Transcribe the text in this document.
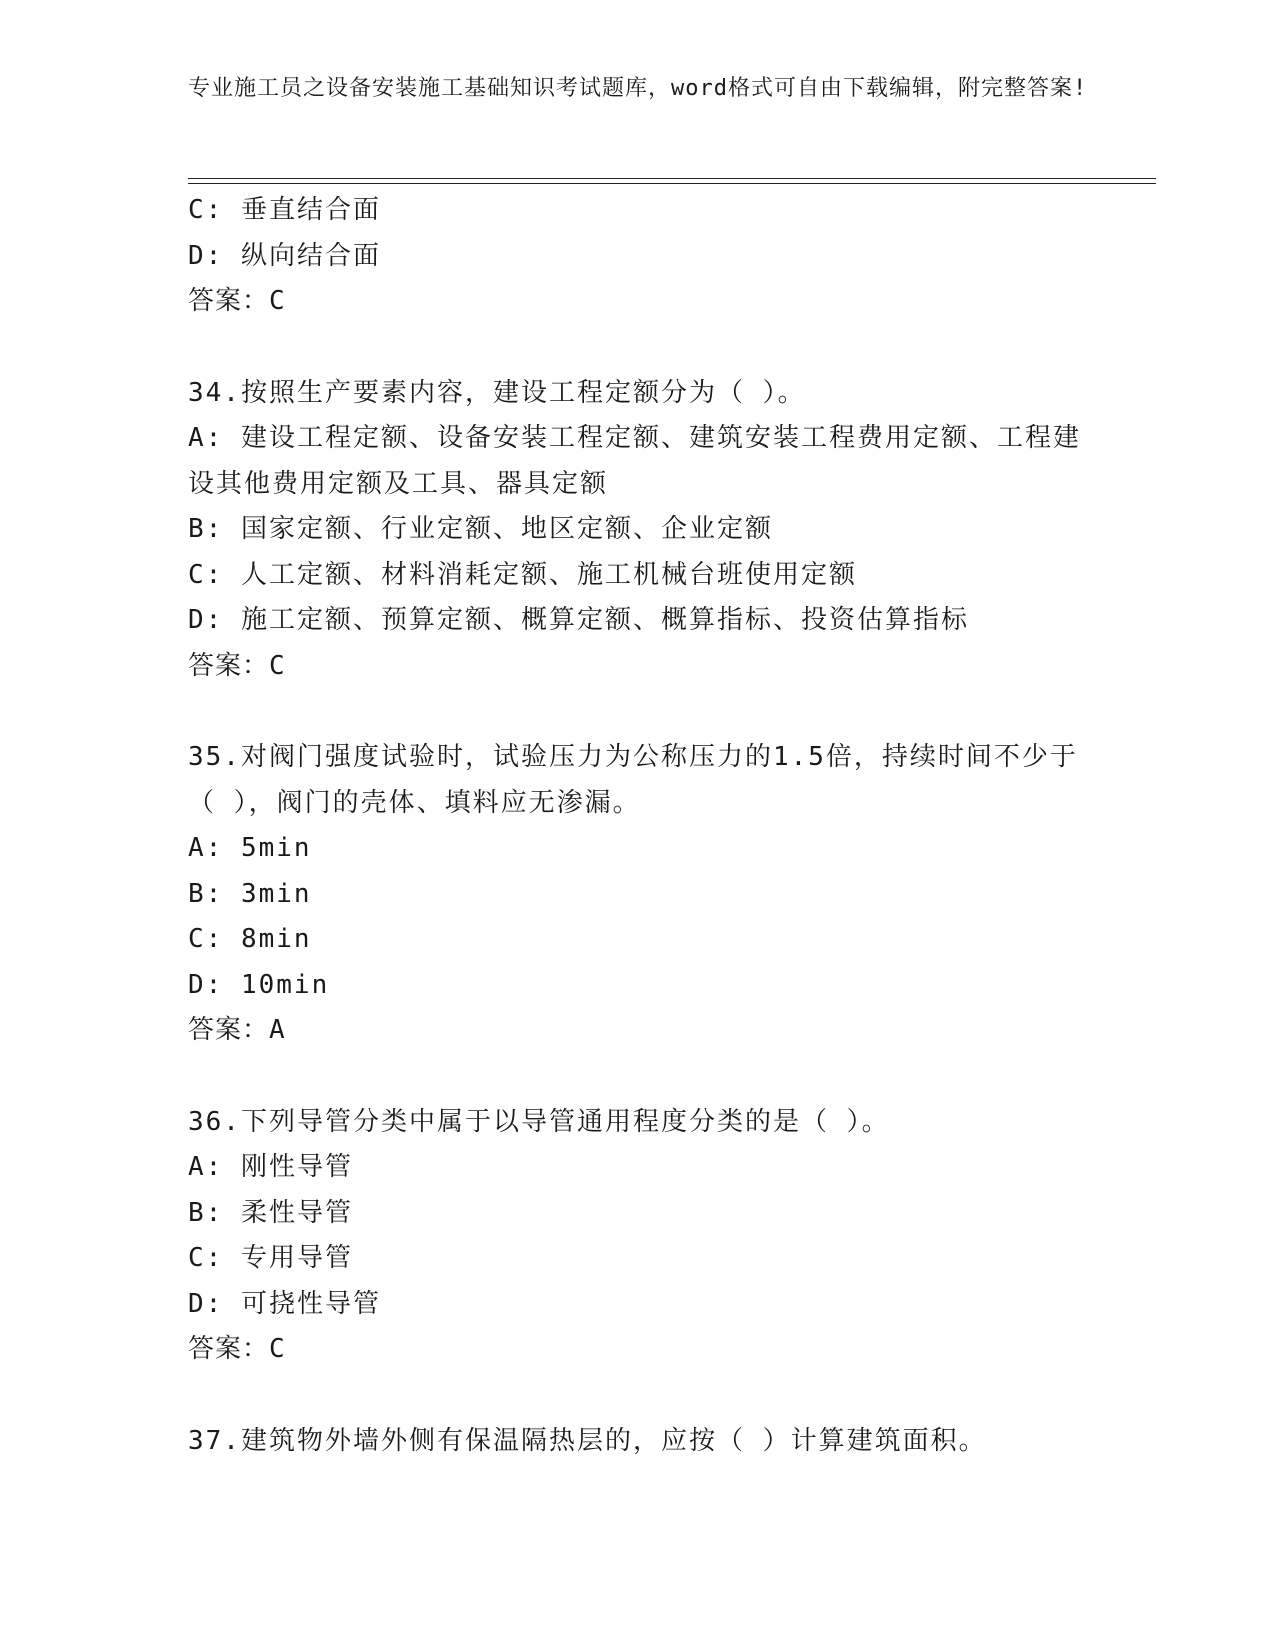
专业施工员之设备安装施工基础知识考试题库，word格式可自由下载编辑，附完整答案!
C: 垂直结合面
D: 纵向结合面
答案：C
34.按照生产要素内容，建设工程定额分为（ ）。
A: 建设工程定额、设备安装工程定额、建筑安装工程费用定额、工程建设其他费用定额及工具、器具定额
B: 国家定额、行业定额、地区定额、企业定额
C: 人工定额、材料消耗定额、施工机械台班使用定额
D: 施工定额、预算定额、概算定额、概算指标、投资估算指标
答案：C
35.对阀门强度试验时，试验压力为公称压力的1.5倍，持续时间不少于（ ），阀门的壳体、填料应无渗漏。
A: 5min
B: 3min
C: 8min
D: 10min
答案：A
36.下列导管分类中属于以导管通用程度分类的是（ ）。
A: 刚性导管
B: 柔性导管
C: 专用导管
D: 可挠性导管
答案：C
37.建筑物外墙外侧有保温隔热层的，应按（ ）计算建筑面积。
